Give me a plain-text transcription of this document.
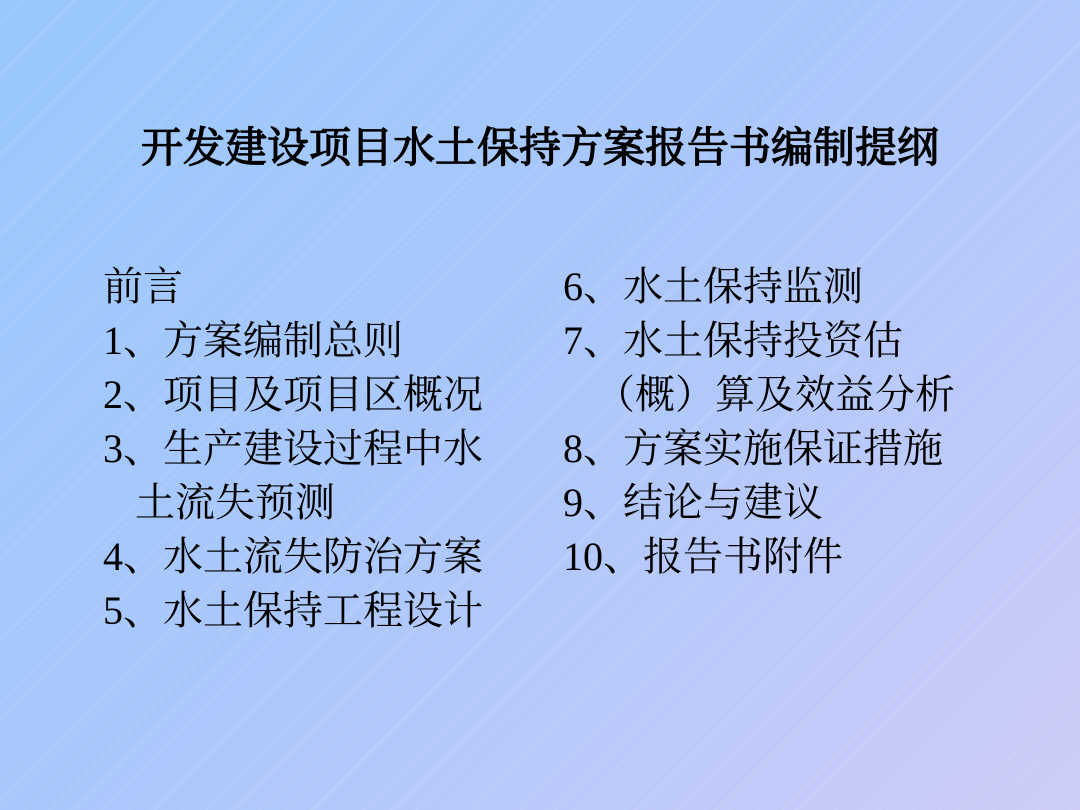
开发建设项目水土保持方案报告书编制提纲
前言
1、方案编制总则
2、项目及项目区概况
3、生产建设过程中水
土流失预测
4、水土流失防治方案
5、水土保持工程设计
6、水土保持监测
7、水土保持投资估
（概）算及效益分析
8、方案实施保证措施
9、结论与建议
10、报告书附件
